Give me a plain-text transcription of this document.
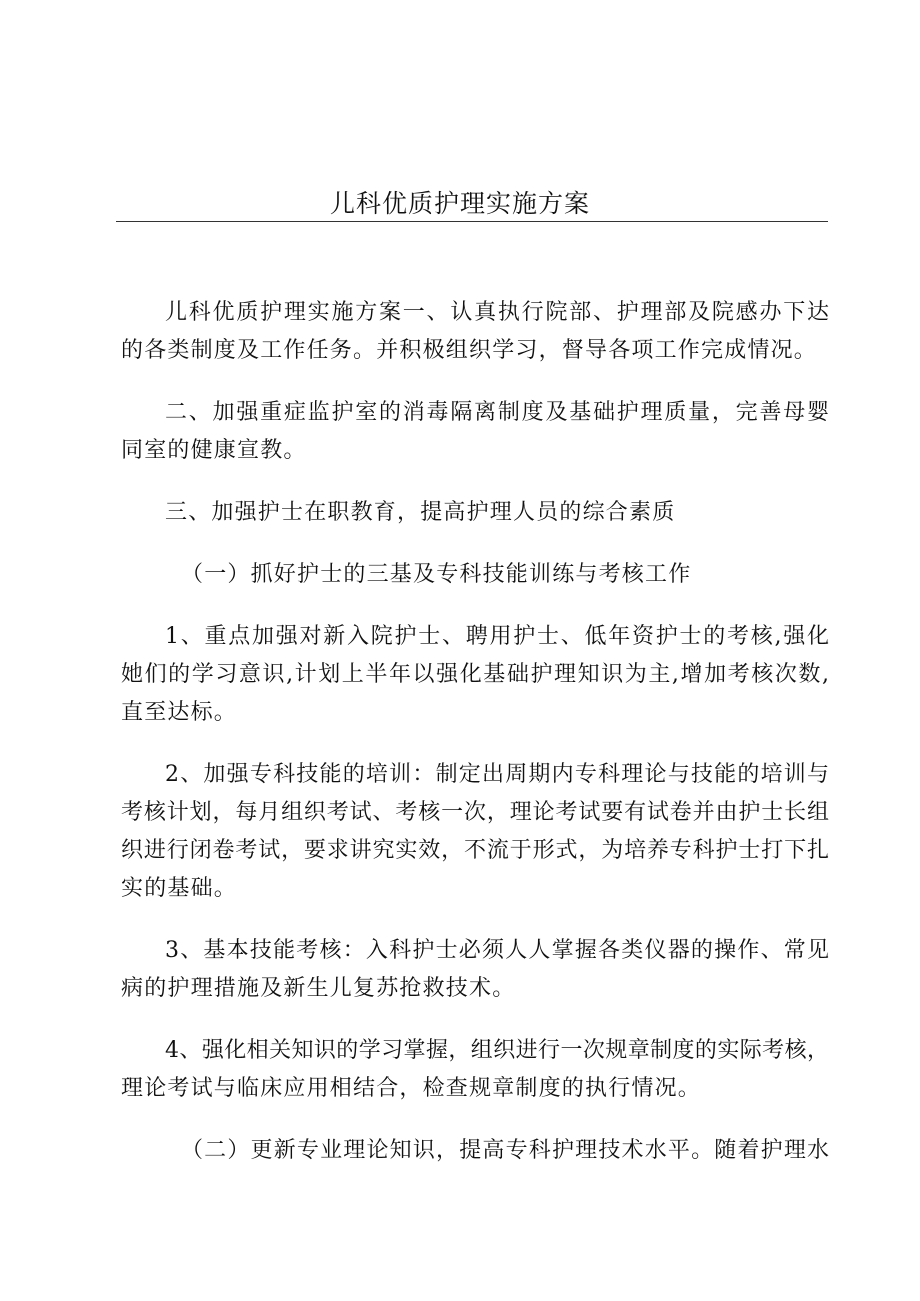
儿科优质护理实施方案
儿科优质护理实施方案一、认真执行院部、护理部及院感办下达
的各类制度及工作任务。并积极组织学习，督导各项工作完成情况。
二、加强重症监护室的消毒隔离制度及基础护理质量，完善母婴
同室的健康宣教。
三、加强护士在职教育，提高护理人员的综合素质
（一）抓好护士的三基及专科技能训练与考核工作
1、重点加强对新入院护士、聘用护士、低年资护士的考核,强化
她们的学习意识,计划上半年以强化基础护理知识为主,增加考核次数,
直至达标。
2、加强专科技能的培训：制定出周期内专科理论与技能的培训与
考核计划，每月组织考试、考核一次，理论考试要有试卷并由护士长组
织进行闭卷考试，要求讲究实效，不流于形式，为培养专科护士打下扎
实的基础。
3、基本技能考核：入科护士必须人人掌握各类仪器的操作、常见
病的护理措施及新生儿复苏抢救技术。
4、强化相关知识的学习掌握，组织进行一次规章制度的实际考核，
理论考试与临床应用相结合，检查规章制度的执行情况。
（二）更新专业理论知识，提高专科护理技术水平。随着护理水
